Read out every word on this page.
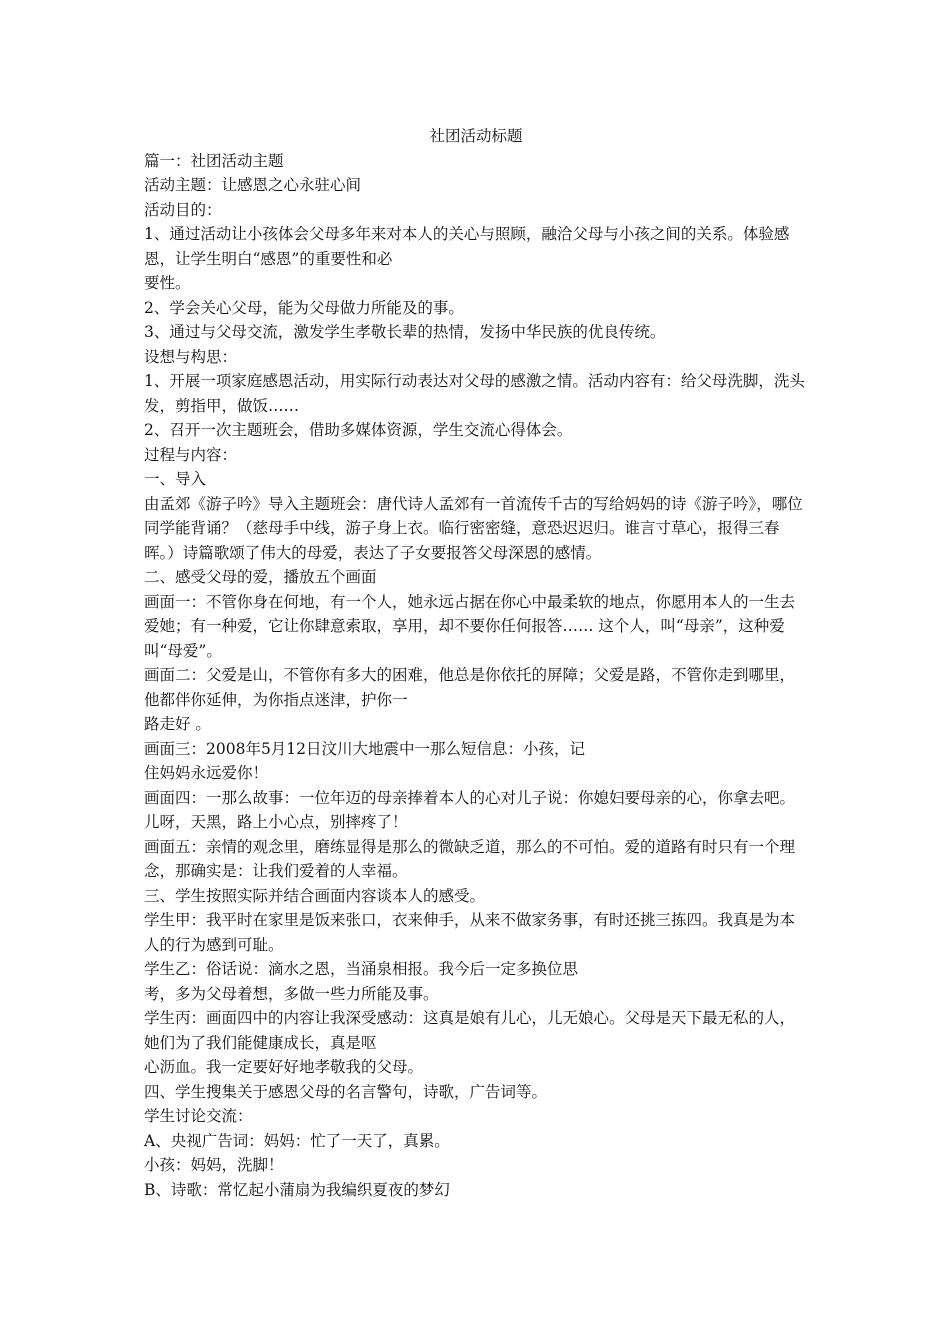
社团活动标题

篇一：社团活动主题

活动主题：让感恩之心永驻心间

活动目的：

1、通过活动让小孩体会父母多年来对本人的关心与照顾，融洽父母与小孩之间的关系。体验感恩，让学生明白“感恩”的重要性和必

要性。

2、学会关心父母，能为父母做力所能及的事。

3、通过与父母交流，激发学生孝敬长辈的热情，发扬中华民族的优良传统。

设想与构思：

1、开展一项家庭感恩活动，用实际行动表达对父母的感激之情。活动内容有：给父母洗脚，洗头发，剪指甲，做饭……

2、召开一次主题班会，借助多媒体资源，学生交流心得体会。

过程与内容：

一、导入

由孟郊《游子吟》导入主题班会：唐代诗人孟郊有一首流传千古的写给妈妈的诗《游子吟》，哪位同学能背诵？（慈母手中线，游子身上衣。临行密密缝，意恐迟迟归。谁言寸草心，报得三春晖。）诗篇歌颂了伟大的母爱，表达了子女要报答父母深恩的感情。

二、感受父母的爱，播放五个画面

画面一：不管你身在何地，有一个人，她永远占据在你心中最柔软的地点，你愿用本人的一生去爱她；有一种爱，它让你肆意索取，享用，却不要你任何报答…… 这个人，叫“母亲”，这种爱叫“母爱”。

画面二：父爱是山，不管你有多大的困难，他总是你依托的屏障；父爱是路，不管你走到哪里，他都伴你延伸，为你指点迷津，护你一

路走好 。

画面三：2008年5月12日汶川大地震中一那么短信息：小孩，记

住妈妈永远爱你！

画面四：一那么故事：一位年迈的母亲捧着本人的心对儿子说：你媳妇要母亲的心，你拿去吧。儿呀，天黑，路上小心点，别摔疼了！

画面五：亲情的观念里，磨练显得是那么的微缺乏道，那么的不可怕。爱的道路有时只有一个理念，那确实是：让我们爱着的人幸福。

三、学生按照实际并结合画面内容谈本人的感受。

学生甲：我平时在家里是饭来张口，衣来伸手，从来不做家务事，有时还挑三拣四。我真是为本人的行为感到可耻。

学生乙：俗话说：滴水之恩，当涌泉相报。我今后一定多换位思

考，多为父母着想，多做一些力所能及事。

学生丙：画面四中的内容让我深受感动：这真是娘有儿心，儿无娘心。父母是天下最无私的人，她们为了我们能健康成长，真是呕

心沥血。我一定要好好地孝敬我的父母。

四、学生搜集关于感恩父母的名言警句，诗歌，广告词等。

学生讨论交流：

A、央视广告词：妈妈：忙了一天了，真累。

小孩：妈妈，洗脚！

B、诗歌：常忆起小蒲扇为我编织夏夜的梦幻
